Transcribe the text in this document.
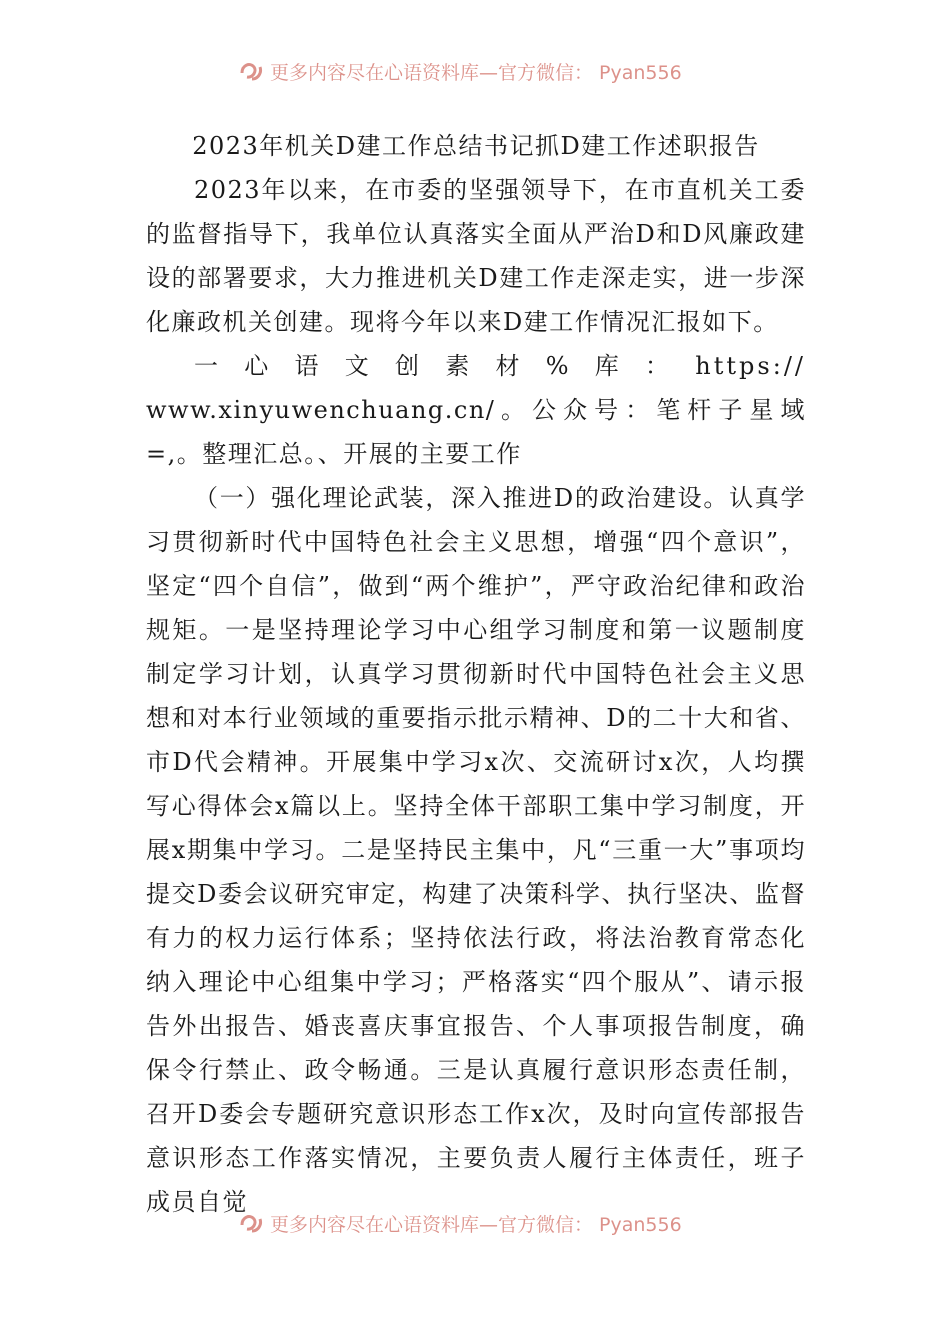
更多内容尽在心语资料库—官方微信： Pyan556

2023年机关D建工作总结书记抓D建工作述职报告

2023年以来，在市委的坚强领导下，在市直机关工委的监督指导下，我单位认真落实全面从严治D和D风廉政建设的部署要求，大力推进机关D建工作走深走实，进一步深化廉政机关创建。现将今年以来D建工作情况汇报如下。

一心语文创素材%库：https://

www.xinyuwenchuang.cn/。公众号：笔杆子星域=,。整理汇总。、开展的主要工作

（一）强化理论武装，深入推进D的政治建设。认真学习贯彻新时代中国特色社会主义思想，增强“四个意识”，坚定“四个自信”，做到“两个维护”，严守政治纪律和政治规矩。一是坚持理论学习中心组学习制度和第一议题制度制定学习计划，认真学习贯彻新时代中国特色社会主义思想和对本行业领域的重要指示批示精神、D的二十大和省、市D代会精神。开展集中学习x次、交流研讨x次，人均撰写心得体会x篇以上。坚持全体干部职工集中学习制度，开展x期集中学习。二是坚持民主集中，凡“三重一大”事项均提交D委会议研究审定，构建了决策科学、执行坚决、监督有力的权力运行体系；坚持依法行政，将法治教育常态化纳入理论中心组集中学习；严格落实“四个服从”、请示报告外出报告、婚丧喜庆事宜报告、个人事项报告制度，确保令行禁止、政令畅通。三是认真履行意识形态责任制，召开D委会专题研究意识形态工作x次，及时向宣传部报告意识形态工作落实情况，主要负责人履行主体责任，班子成员自觉

更多内容尽在心语资料库—官方微信： Pyan556
